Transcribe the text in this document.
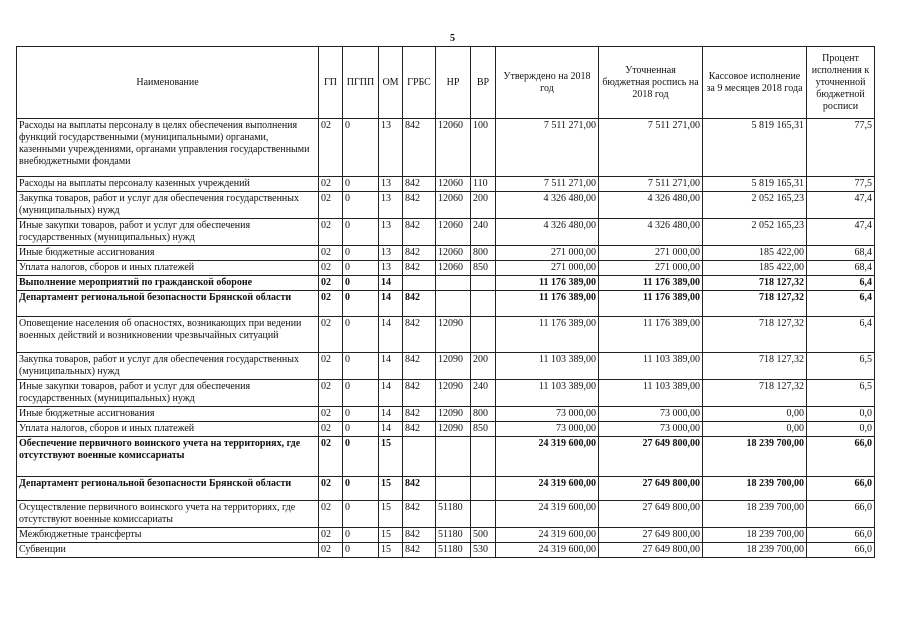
5
Наименование	ГП	ПГПП	ОМ	ГРБС	НР	ВР	Утверждено на 2018 год	Уточненная бюджетная роспись на 2018 год	Кассовое исполнение за 9 месяцев 2018 года	Процент исполнения к уточненной бюджетной росписи
Расходы на выплаты персоналу в целях обеспечения выполнения функций государственными (муниципальными) органами, казенными учреждениями, органами управления государственными внебюджетными фондами	02	0	13	842	12060	100	7 511 271,00	7 511 271,00	5 819 165,31	77,5
Расходы на выплаты персоналу казенных учреждений	02	0	13	842	12060	110	7 511 271,00	7 511 271,00	5 819 165,31	77,5
Закупка товаров, работ и услуг для обеспечения государственных (муниципальных) нужд	02	0	13	842	12060	200	4 326 480,00	4 326 480,00	2 052 165,23	47,4
Иные закупки товаров, работ и услуг для обеспечения государственных (муниципальных) нужд	02	0	13	842	12060	240	4 326 480,00	4 326 480,00	2 052 165,23	47,4
Иные бюджетные ассигнования	02	0	13	842	12060	800	271 000,00	271 000,00	185 422,00	68,4
Уплата налогов, сборов и иных платежей	02	0	13	842	12060	850	271 000,00	271 000,00	185 422,00	68,4
Выполнение мероприятий по гражданской обороне	02	0	14				11 176 389,00	11 176 389,00	718 127,32	6,4
Департамент региональной безопасности Брянской области	02	0	14	842			11 176 389,00	11 176 389,00	718 127,32	6,4
Оповещение населения об опасностях, возникающих при ведении военных действий и возникновении чрезвычайных ситуаций	02	0	14	842	12090		11 176 389,00	11 176 389,00	718 127,32	6,4
Закупка товаров, работ и услуг для обеспечения государственных (муниципальных) нужд	02	0	14	842	12090	200	11 103 389,00	11 103 389,00	718 127,32	6,5
Иные закупки товаров, работ и услуг для обеспечения государственных (муниципальных) нужд	02	0	14	842	12090	240	11 103 389,00	11 103 389,00	718 127,32	6,5
Иные бюджетные ассигнования	02	0	14	842	12090	800	73 000,00	73 000,00	0,00	0,0
Уплата налогов, сборов и иных платежей	02	0	14	842	12090	850	73 000,00	73 000,00	0,00	0,0
Обеспечение первичного воинского учета на территориях, где отсутствуют военные комиссариаты	02	0	15				24 319 600,00	27 649 800,00	18 239 700,00	66,0
Департамент региональной безопасности Брянской области	02	0	15	842			24 319 600,00	27 649 800,00	18 239 700,00	66,0
Осуществление первичного воинского учета на территориях, где отсутствуют военные комиссариаты	02	0	15	842	51180		24 319 600,00	27 649 800,00	18 239 700,00	66,0
Межбюджетные трансферты	02	0	15	842	51180	500	24 319 600,00	27 649 800,00	18 239 700,00	66,0
Субвенции	02	0	15	842	51180	530	24 319 600,00	27 649 800,00	18 239 700,00	66,0
